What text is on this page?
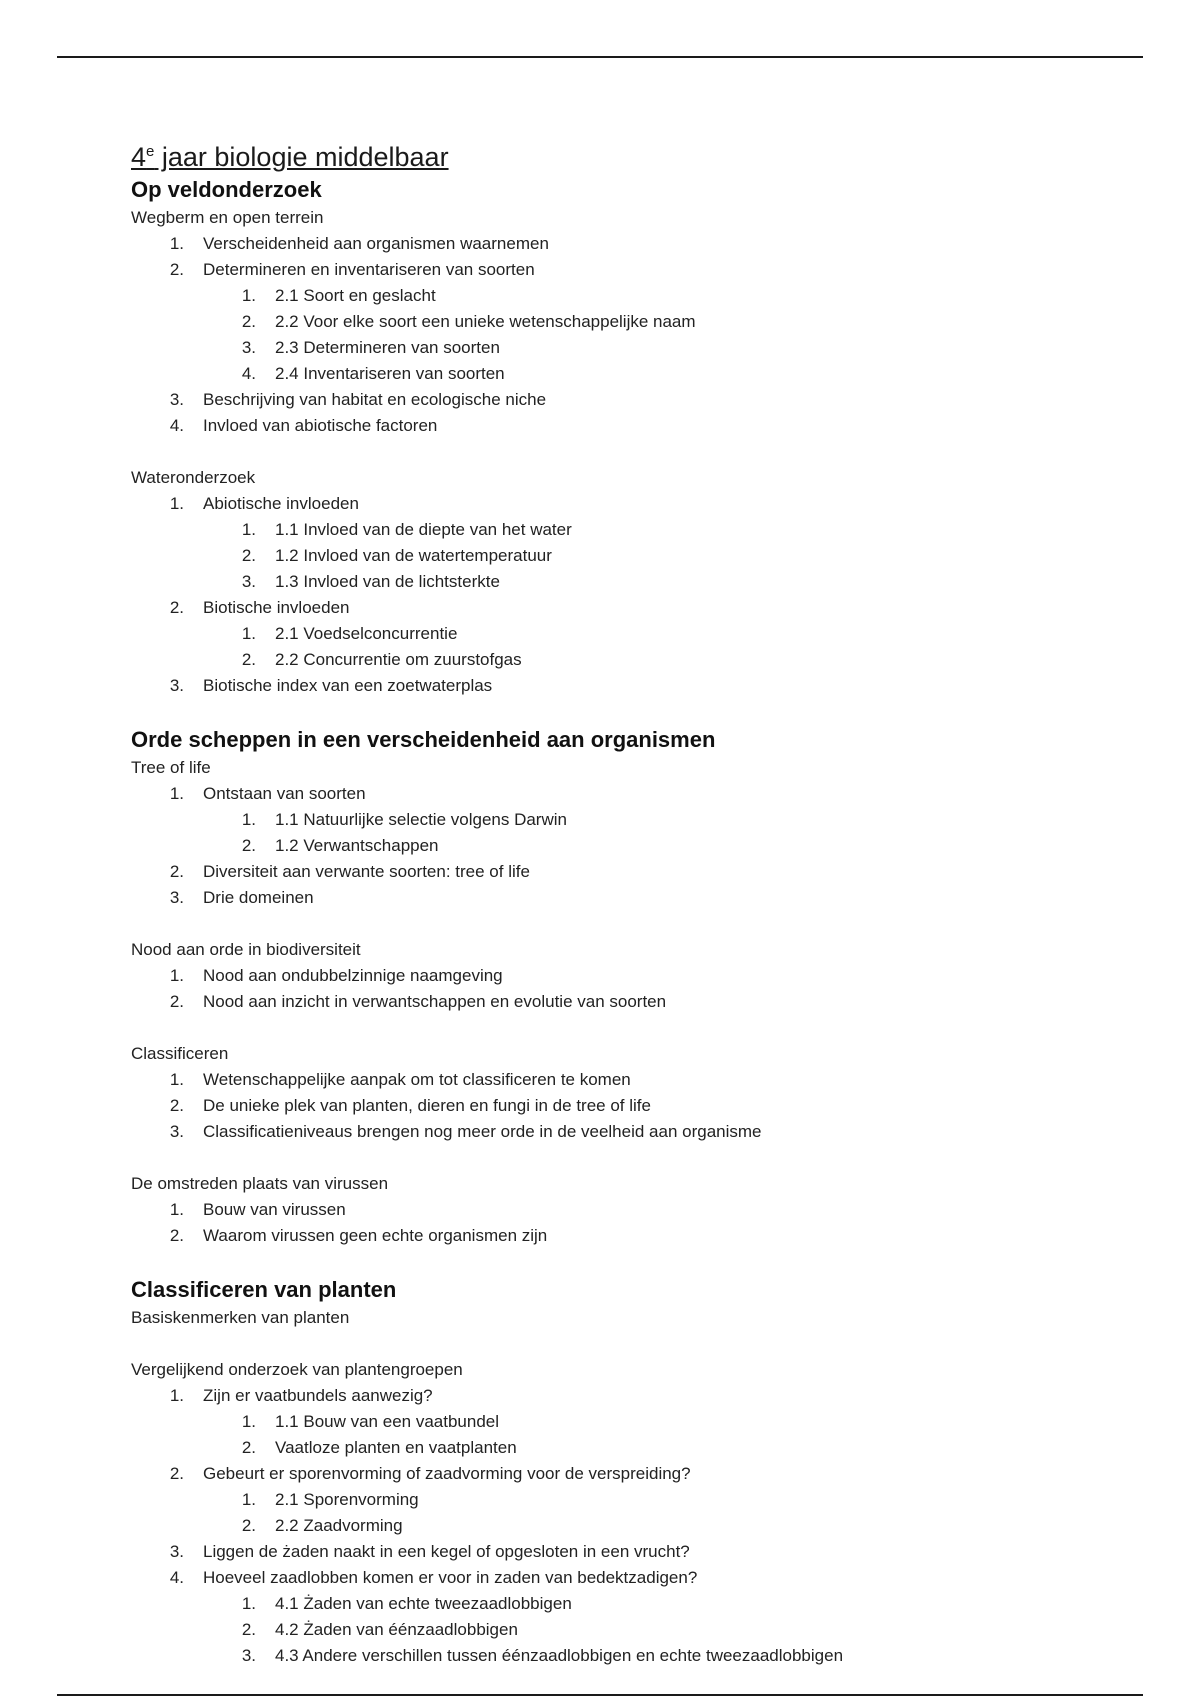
4e jaar biologie middelbaar
Op veldonderzoek

Wegberm en open terrein

1. Verscheidenheid aan organismen waarnemen
2. Determineren en inventariseren van soorten
1. 2.1 Soort en geslacht
2. 2.2 Voor elke soort een unieke wetenschappelijke naam
3. 2.3 Determineren van soorten
4. 2.4 Inventariseren van soorten
3. Beschrijving van habitat en ecologische niche
4. Invloed van abiotische factoren

Wateronderzoek

1. Abiotische invloeden
1. 1.1 Invloed van de diepte van het water
2. 1.2 Invloed van de watertemperatuur
3. 1.3 Invloed van de lichtsterkte
2. Biotische invloeden
1. 2.1 Voedselconcurrentie
2. 2.2 Concurrentie om zuurstofgas
3. Biotische index van een zoetwaterplas
Orde scheppen in een verscheidenheid aan organismen

Tree of life

1. Ontstaan van soorten
1. 1.1 Natuurlijke selectie volgens Darwin
2. 1.2 Verwantschappen
2. Diversiteit aan verwante soorten: tree of life
3. Drie domeinen

Nood aan orde in biodiversiteit

1. Nood aan ondubbelzinnige naamgeving
2. Nood aan inzicht in verwantschappen en evolutie van soorten

Classificeren

1. Wetenschappelijke aanpak om tot classificeren te komen
2. De unieke plek van planten, dieren en fungi in de tree of life
3. Classificatieniveaus brengen nog meer orde in de veelheid aan organisme

De omstreden plaats van virussen

1. Bouw van virussen
2. Waarom virussen geen echte organismen zijn
Classificeren van planten

Basiskenmerken van planten

Vergelijkend onderzoek van plantengroepen

1. Zijn er vaatbundels aanwezig?
1. 1.1 Bouw van een vaatbundel
2. Vaatloze planten en vaatplanten
2. Gebeurt er sporenvorming of zaadvorming voor de verspreiding?
1. 2.1 Sporenvorming
2. 2.2 Zaadvorming
3. Liggen de żaden naakt in een kegel of opgesloten in een vrucht?
4. Hoeveel zaadlobben komen er voor in zaden van bedektzadigen?
1. 4.1 Żaden van echte tweezaadlobbigen
2. 4.2 Żaden van éénzaadlobbigen
3. 4.3 Andere verschillen tussen éénzaadlobbigen en echte tweezaadlobbigen
